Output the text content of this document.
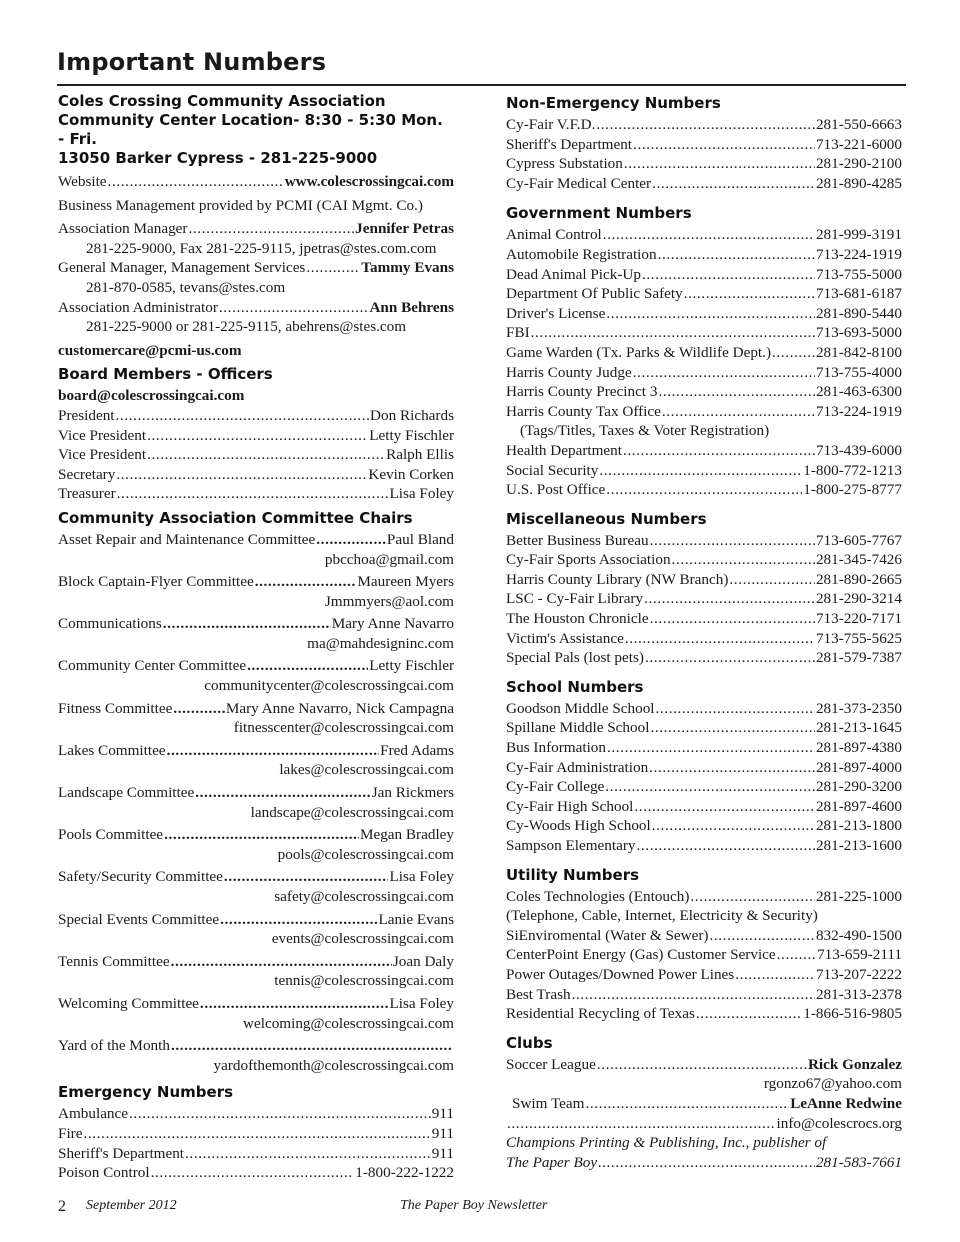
Important Numbers
Coles Crossing Community Association
Community Center Location- 8:30 - 5:30 Mon. - Fri.
13050 Barker Cypress - 281-225-9000
Website .....	www.colescrossingcai.com
Business Management provided by PCMI (CAI Mgmt. Co.)
Association Manager .....	Jennifer Petras
281-225-9000, Fax 281-225-9115, jpetras@stes.com.com
General Manager, Management Services .....	Tammy Evans
281-870-0585, tevans@stes.com
Association Administrator .....	Ann Behrens
281-225-9000 or 281-225-9115, abehrens@stes.com
customercare@pcmi-us.com
Board Members - Officers
board@colescrossingcai.com
President .....	Don Richards
Vice President .....	Letty Fischler
Vice President .....	Ralph Ellis
Secretary .....	Kevin Corken
Treasurer .....	Lisa Foley
Community Association Committee Chairs
Asset Repair and Maintenance Committee .....	Paul Bland
pbcchoa@gmail.com
Block Captain-Flyer Committee .....	Maureen Myers
Jmmmyers@aol.com
Communications .....	Mary Anne Navarro
ma@mahdesigninc.com
Community Center Committee .....	Letty Fischler
communitycenter@colescrossingcai.com
Fitness Committee .....	Mary Anne Navarro, Nick Campagna
fitnesscenter@colescrossingcai.com
Lakes Committee .....	Fred Adams
lakes@colescrossingcai.com
Landscape Committee .....	Jan Rickmers
landscape@colescrossingcai.com
Pools Committee .....	Megan Bradley
pools@colescrossingcai.com
Safety/Security Committee .....	Lisa Foley
safety@colescrossingcai.com
Special Events Committee .....	Lanie Evans
events@colescrossingcai.com
Tennis Committee .....	Joan Daly
tennis@colescrossingcai.com
Welcoming Committee .....	Lisa Foley
welcoming@colescrossingcai.com
Yard of the Month
.....
yardofthemonth@colescrossingcai.com
Emergency Numbers
Ambulance .....	911
Fire .....	911
Sheriff's Department .....	911
Poison Control .....	1-800-222-1222
Non-Emergency Numbers
Cy-Fair V.F.D. .....	281-550-6663
Sheriff's Department .....	713-221-6000
Cypress Substation .....	281-290-2100
Cy-Fair Medical Center .....	281-890-4285
Government Numbers
Animal Control .....	281-999-3191
Automobile Registration .....	713-224-1919
Dead Animal Pick-Up .....	713-755-5000
Department Of Public Safety .....	713-681-6187
Driver's License .....	281-890-5440
FBI .....	713-693-5000
Game Warden (Tx. Parks & Wildlife Dept.) .....	281-842-8100
Harris County Judge .....	713-755-4000
Harris County Precinct 3 .....	281-463-6300
Harris County Tax Office .....	713-224-1919
(Tags/Titles, Taxes & Voter Registration)
Health Department .....	713-439-6000
Social Security .....	1-800-772-1213
U.S. Post Office .....	1-800-275-8777
Miscellaneous Numbers
Better Business Bureau .....	713-605-7767
Cy-Fair Sports Association .....	281-345-7426
Harris County Library (NW Branch) .....	281-890-2665
LSC - Cy-Fair Library .....	281-290-3214
The Houston Chronicle .....	713-220-7171
Victim's Assistance .....	713-755-5625
Special Pals (lost pets) .....	281-579-7387
School Numbers
Goodson Middle School .....	281-373-2350
Spillane Middle School .....	281-213-1645
Bus Information .....	281-897-4380
Cy-Fair Administration .....	281-897-4000
Cy-Fair College .....	281-290-3200
Cy-Fair High School .....	281-897-4600
Cy-Woods High School .....	281-213-1800
Sampson Elementary .....	281-213-1600
Utility Numbers
Coles Technologies (Entouch) .....	281-225-1000
(Telephone, Cable, Internet, Electricity & Security)
SiEnviromental (Water & Sewer) .....	832-490-1500
CenterPoint Energy (Gas) Customer Service .....	713-659-2111
Power Outages/Downed Power Lines .....	713-207-2222
Best Trash .....	281-313-2378
Residential Recycling of Texas .....	1-866-516-9805
Clubs
Soccer League .....	Rick Gonzalez
rgonzo67@yahoo.com
Swim Team .....	LeAnne Redwine
.....
info@colescrocs.org
Champions Printing & Publishing, Inc., publisher of
The Paper Boy .....	281-583-7661
2 September 2012	The Paper Boy Newsletter
